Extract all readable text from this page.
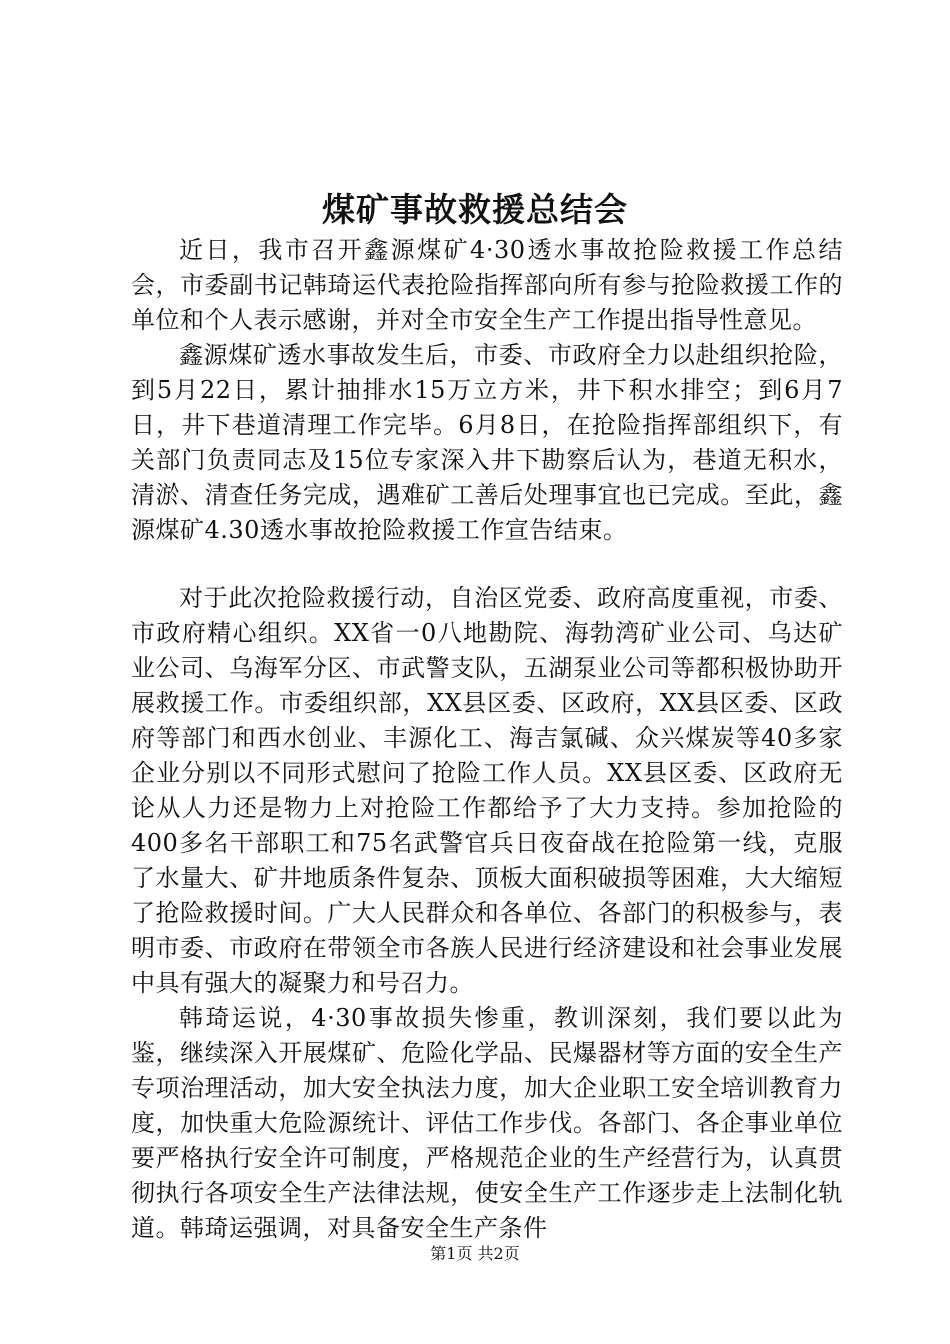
煤矿事故救援总结会

近日，我市召开鑫源煤矿4·30透水事故抢险救援工作总结会，市委副书记韩琦运代表抢险指挥部向所有参与抢险救援工作的单位和个人表示感谢，并对全市安全生产工作提出指导性意见。

鑫源煤矿透水事故发生后，市委、市政府全力以赴组织抢险，到5月22日，累计抽排水15万立方米，井下积水排空；到6月7日，井下巷道清理工作完毕。6月8日，在抢险指挥部组织下，有关部门负责同志及15位专家深入井下勘察后认为，巷道无积水，清淤、清查任务完成，遇难矿工善后处理事宜也已完成。至此，鑫源煤矿4.30透水事故抢险救援工作宣告结束。

对于此次抢险救援行动，自治区党委、政府高度重视，市委、市政府精心组织。XX省一0八地勘院、海勃湾矿业公司、乌达矿业公司、乌海军分区、市武警支队，五湖泵业公司等都积极协助开展救援工作。市委组织部，XX县区委、区政府，XX县区委、区政府等部门和西水创业、丰源化工、海吉氯碱、众兴煤炭等40多家企业分别以不同形式慰问了抢险工作人员。XX县区委、区政府无论从人力还是物力上对抢险工作都给予了大力支持。参加抢险的400多名干部职工和75名武警官兵日夜奋战在抢险第一线，克服了水量大、矿井地质条件复杂、顶板大面积破损等困难，大大缩短了抢险救援时间。广大人民群众和各单位、各部门的积极参与，表明市委、市政府在带领全市各族人民进行经济建设和社会事业发展中具有强大的凝聚力和号召力。

韩琦运说，4·30事故损失惨重，教训深刻，我们要以此为鉴，继续深入开展煤矿、危险化学品、民爆器材等方面的安全生产专项治理活动，加大安全执法力度，加大企业职工安全培训教育力度，加快重大危险源统计、评估工作步伐。各部门、各企事业单位要严格执行安全许可制度，严格规范企业的生产经营行为，认真贯彻执行各项安全生产法律法规，使安全生产工作逐步走上法制化轨道。韩琦运强调，对具备安全生产条件

第1页 共2页
